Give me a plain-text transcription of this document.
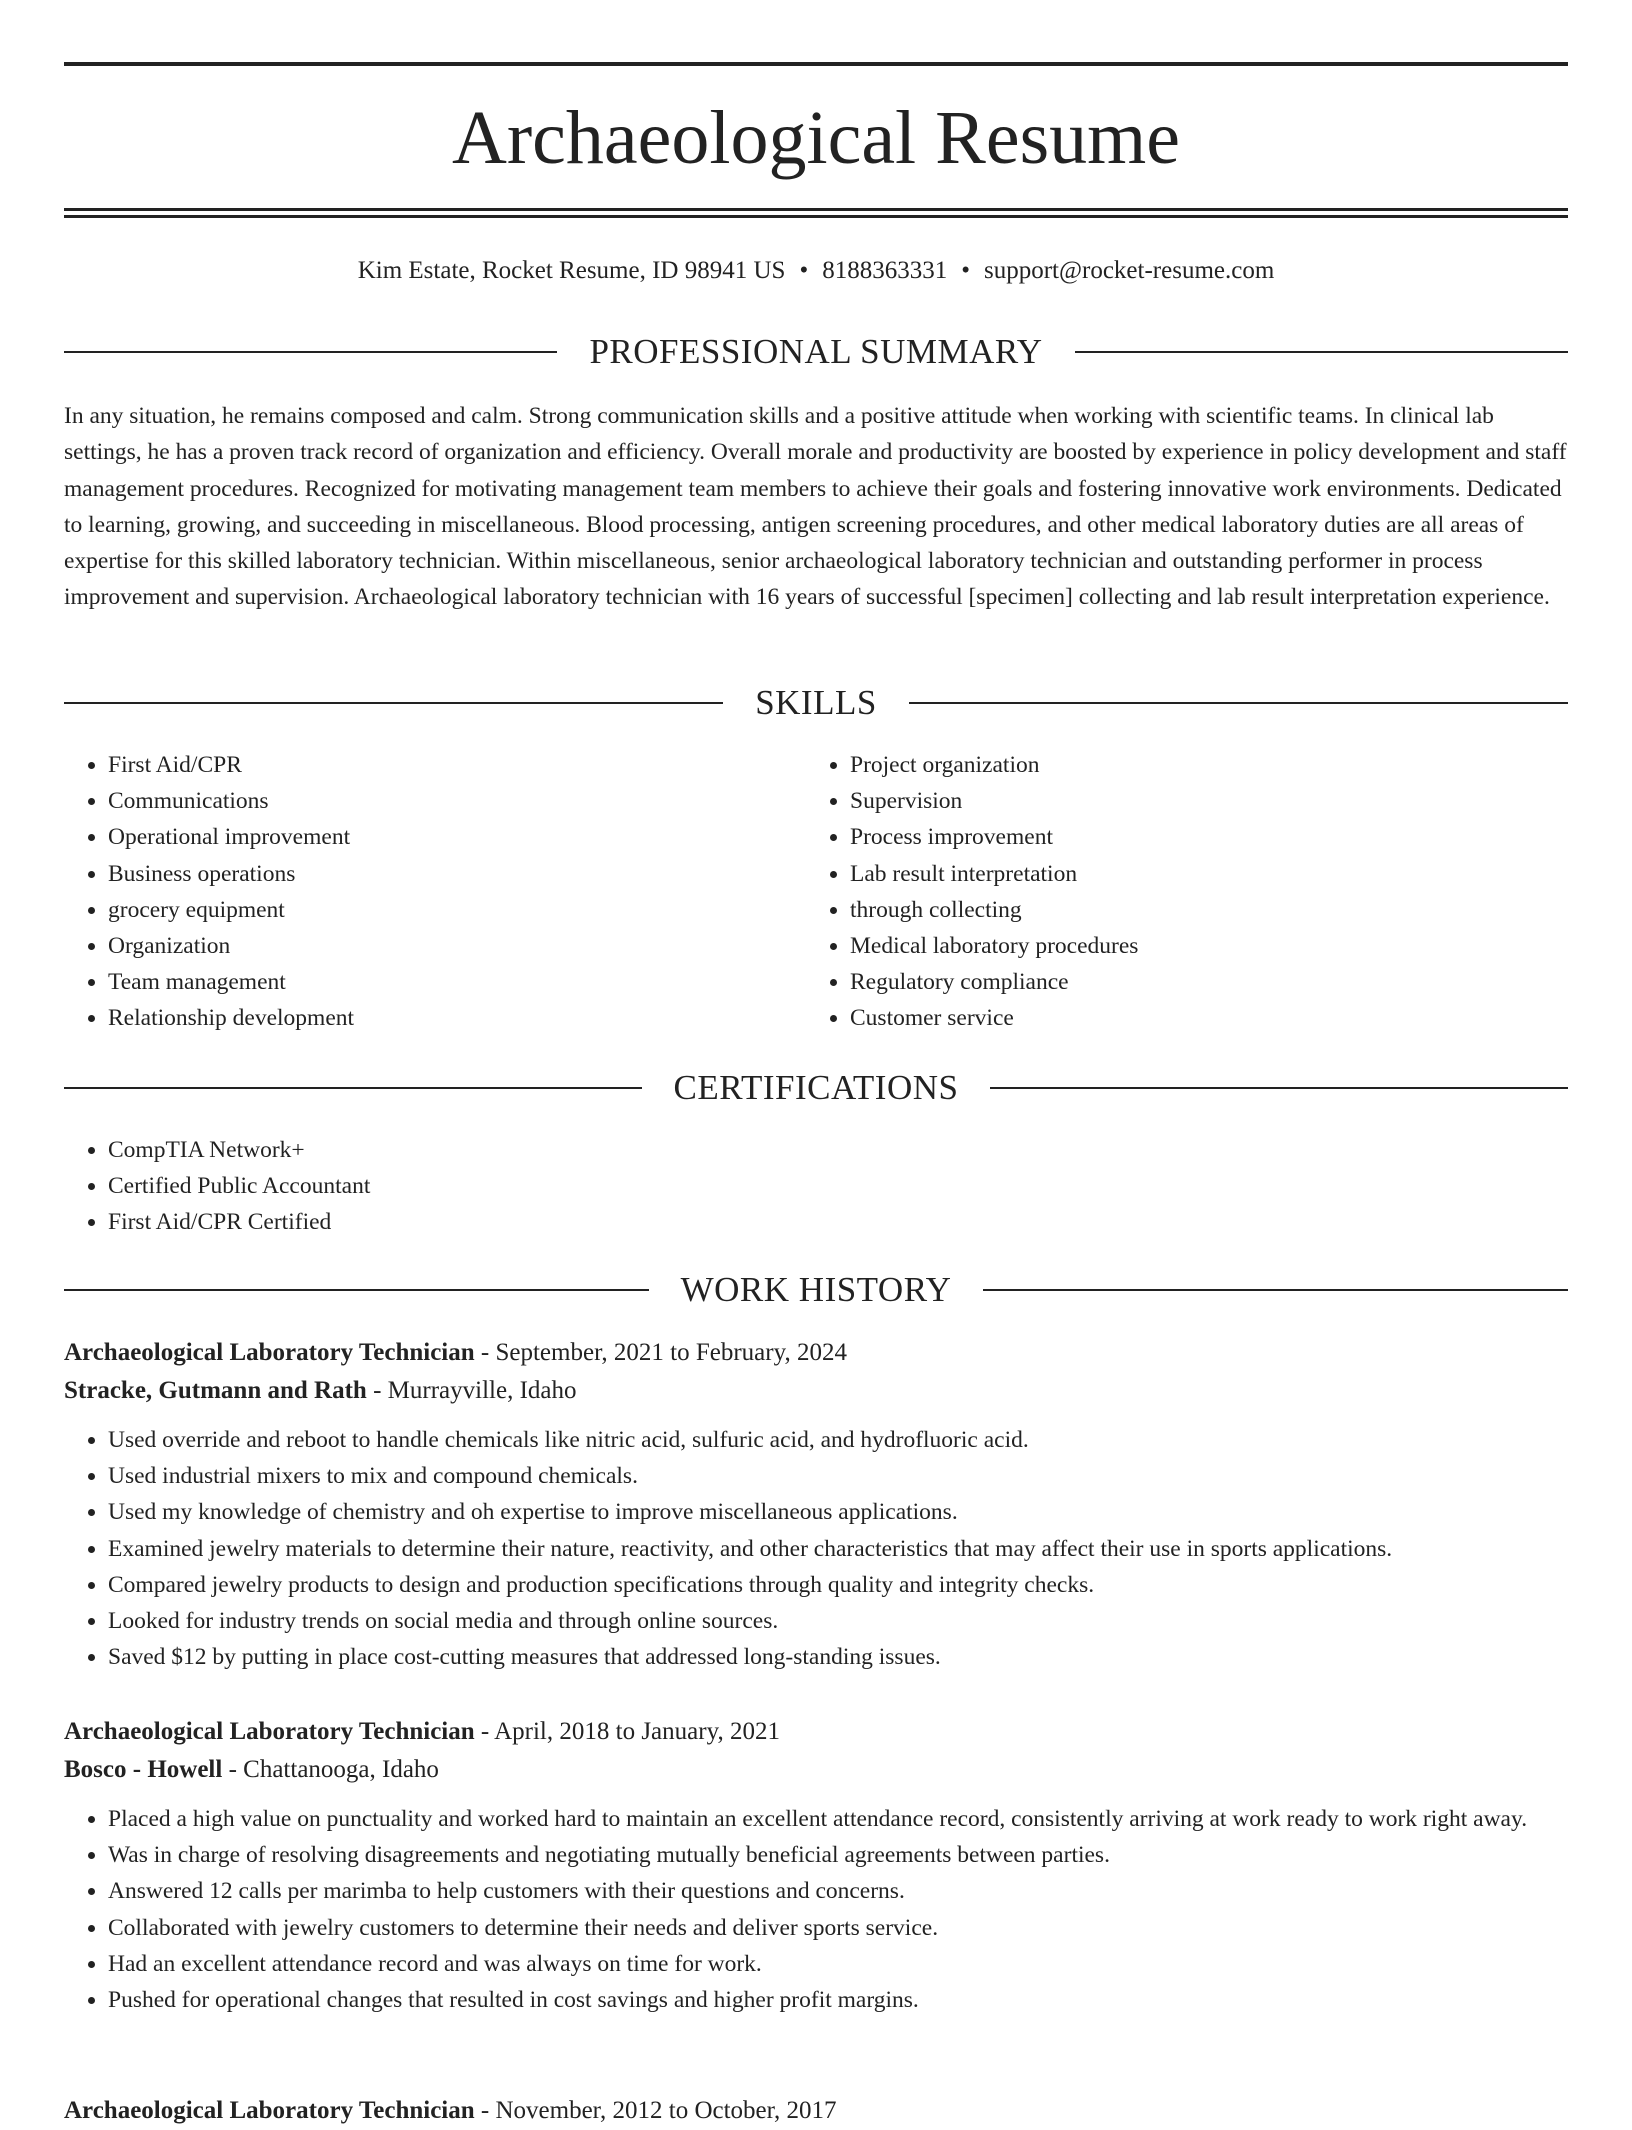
Archaeological Resume
Kim Estate, Rocket Resume, ID 98941 US • 8188363331 • support@rocket-resume.com
PROFESSIONAL SUMMARY

In any situation, he remains composed and calm. Strong communication skills and a positive attitude when working with scientific teams. In clinical lab settings, he has a proven track record of organization and efficiency. Overall morale and productivity are boosted by experience in policy development and staff management procedures. Recognized for motivating management team members to achieve their goals and fostering innovative work environments. Dedicated to learning, growing, and succeeding in miscellaneous. Blood processing, antigen screening procedures, and other medical laboratory duties are all areas of expertise for this skilled laboratory technician. Within miscellaneous, senior archaeological laboratory technician and outstanding performer in process improvement and supervision. Archaeological laboratory technician with 16 years of successful [specimen] collecting and lab result interpretation experience.

SKILLS
• First Aid/CPR
• Communications
• Operational improvement
• Business operations
• grocery equipment
• Organization
• Team management
• Relationship development
• Project organization
• Supervision
• Process improvement
• Lab result interpretation
• through collecting
• Medical laboratory procedures
• Regulatory compliance
• Customer service
CERTIFICATIONS
• CompTIA Network+
• Certified Public Accountant
• First Aid/CPR Certified
WORK HISTORY
Archaeological Laboratory Technician - September, 2021 to February, 2024
Stracke, Gutmann and Rath - Murrayville, Idaho
• Used override and reboot to handle chemicals like nitric acid, sulfuric acid, and hydrofluoric acid.
• Used industrial mixers to mix and compound chemicals.
• Used my knowledge of chemistry and oh expertise to improve miscellaneous applications.
• Examined jewelry materials to determine their nature, reactivity, and other characteristics that may affect their use in sports applications.
• Compared jewelry products to design and production specifications through quality and integrity checks.
• Looked for industry trends on social media and through online sources.
• Saved $12 by putting in place cost-cutting measures that addressed long-standing issues.
Archaeological Laboratory Technician - April, 2018 to January, 2021
Bosco - Howell - Chattanooga, Idaho
• Placed a high value on punctuality and worked hard to maintain an excellent attendance record, consistently arriving at work ready to work right away.
• Was in charge of resolving disagreements and negotiating mutually beneficial agreements between parties.
• Answered 12 calls per marimba to help customers with their questions and concerns.
• Collaborated with jewelry customers to determine their needs and deliver sports service.
• Had an excellent attendance record and was always on time for work.
• Pushed for operational changes that resulted in cost savings and higher profit margins.
Archaeological Laboratory Technician - November, 2012 to October, 2017
